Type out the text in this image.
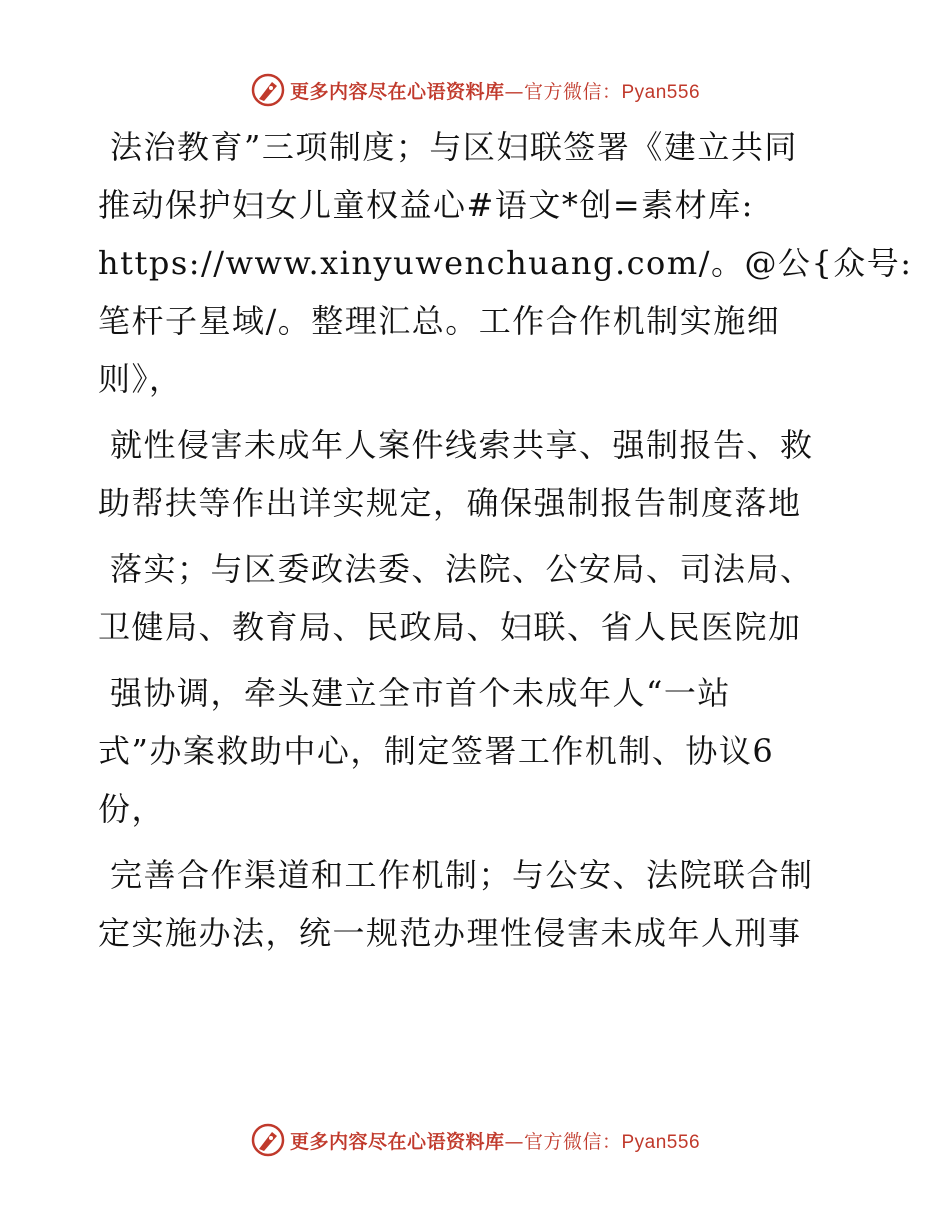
更多内容尽在心语资料库—官方微信：Pyan556
法治教育”三项制度；与区妇联签署《建立共同
推动保护妇女儿童权益心#语文*创=素材库:
https://www.xinyuwenchuang.com/。@公{众号:
笔杆子星域/。整理汇总。工作合作机制实施细
则》，
就性侵害未成年人案件线索共享、强制报告、救
助帮扶等作出详实规定，确保强制报告制度落地
落实；与区委政法委、法院、公安局、司法局、
卫健局、教育局、民政局、妇联、省人民医院加
强协调，牵头建立全市首个未成年人“一站
式”办案救助中心，制定签署工作机制、协议6
份，
完善合作渠道和工作机制；与公安、法院联合制
定实施办法，统一规范办理性侵害未成年人刑事
更多内容尽在心语资料库—官方微信：Pyan556
